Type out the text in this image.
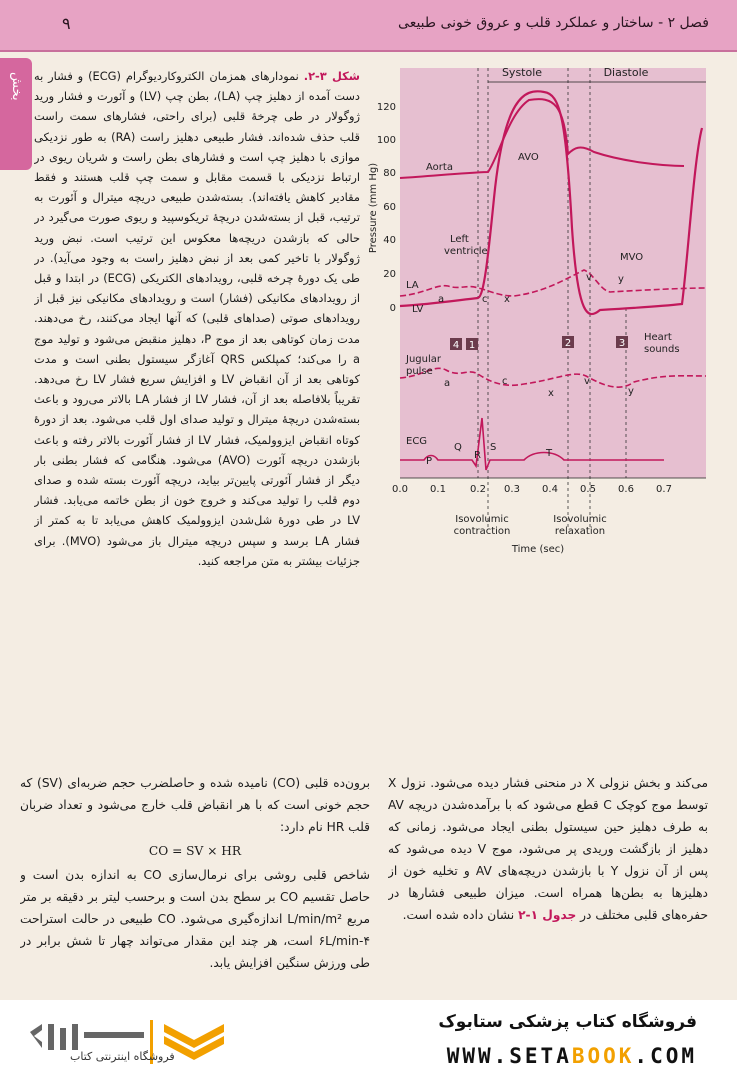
فصل ۲ - ساختار و عملکرد قلب و عروق خونی طبیعی
۹
بخش	شکل ۳-۲. نمودارهای همزمان الکتروکاردیوگرام (ECG) و فشار به دست آمده از دهلیز چپ (LA)، بطن چپ (LV) و آئورت و فشار ورید ژوگولار در طی چرخهٔ قلبی (برای راحتی، فشارهای سمت راست قلب حذف شده‌اند. فشار طبیعی دهلیز راست (RA) به طور نزدیکی موازی با دهلیز چپ است و فشارهای بطن راست و شریان ریوی در ارتباط نزدیکی با قسمت مقابل و سمت چپ قلب هستند و فقط مقادیر کاهش یافته‌اند). بسته‌شدن طبیعی دریچه میترال و آئورت به ترتیب، قبل از بسته‌شدن دریچهٔ تریکوسپید و ریوی صورت می‌گیرد در حالی که بازشدن دریچه‌ها معکوس این ترتیب است. نبض ورید ژوگولار با تاخیر کمی بعد از نبض دهلیز راست به وجود می‌آید). در طی یک دورهٔ چرخه قلبی، رویدادهای الکتریکی (ECG) در ابتدا و قبل از رویدادهای مکانیکی (فشار) است و رویدادهای مکانیکی نیز قبل از رویدادهای صوتی (صداهای قلبی) که آنها ایجاد می‌کنند، رخ می‌دهند. مدت زمان کوتاهی بعد از موج P، دهلیز منقبض می‌شود و تولید موج a را می‌کند؛ کمپلکس QRS آغازگر سیستول بطنی است و مدت کوتاهی بعد از آن انقباض LV و افزایش سریع فشار LV رخ می‌دهد. تقریباً بلافاصله بعد از آن، فشار LV از فشار LA بالاتر می‌رود و باعث بسته‌شدن دریچهٔ میترال و تولید صدای اول قلب می‌شود. بعد از دورهٔ کوتاه انقباض ایزوولمیک، فشار LV از فشار آئورت بالاتر رفته و باعث بازشدن دریچه آئورت (AVO) می‌شود. هنگامی که فشار بطنی بار دیگر از فشار آئورتی پایین‌تر بیاید، دریچه آئورت بسته شده و صدای دوم قلب را تولید می‌کند و خروج خون از بطن خاتمه می‌یابد. فشار LV در طی دورهٔ شل‌شدن ایزوولمیک کاهش می‌یابد تا به کمتر از فشار LA برسد و سپس دریچه میترال باز می‌شود (MVO). برای جزئیات بیشتر به متن مراجعه کنید.
Systole	Diastole
120
100
80
60
40
20
0
Pressure (mm Hg)	Aorta
Left
ventricle
LA
LV
AVO
MVO
Jugular
pulse
ECG
Heart
sounds
a	c x
v	y
a	c
x
v
y
P
Q
R
S
T
4 1	2	3
0.0 0.1 0.2 0.3 0.4 0.5 0.6 0.7
Isovolumic
contraction
Isovolumic
relaxation
Time (sec)
می‌کند و بخش نزولی X در منحنی فشار دیده می‌شود. نزول X توسط موج کوچک C قطع می‌شود که با برآمده‌شدن دریچه AV به طرف دهلیز حین سیستول بطنی ایجاد می‌شود. زمانی که دهلیز از بازگشت وریدی پر می‌شود، موج V دیده می‌شود که پس از آن نزول Y با بازشدن دریچه‌های AV و تخلیه خون از دهلیزها به بطن‌ها همراه است. میزان طبیعی فشارها در حفره‌های قلبی مختلف در جدول ۱-۲ نشان داده شده است.
برون‌ده قلبی (CO) نامیده شده و حاصلضرب حجم ضربه‌ای (SV) که حجم خونی است که با هر انقباض قلب خارج می‌شود و تعداد ضربان قلب HR نام دارد:
CO = SV × HR
شاخص قلبی روشی برای نرمال‌سازی CO به اندازه بدن است و حاصل تقسیم CO بر سطح بدن است و برحسب لیتر بر دقیقه بر متر مربع L/min/m² اندازه‌گیری می‌شود. CO طبیعی در حالت استراحت ۴-۶L/min است، هر چند این مقدار می‌تواند چهار تا شش برابر در طی ورزش سنگین افزایش یابد.
فروشگاه اینترنتی کتاب
فروشگاه کتاب پزشکی ستابوک
WWW.SETABOOK.COM
